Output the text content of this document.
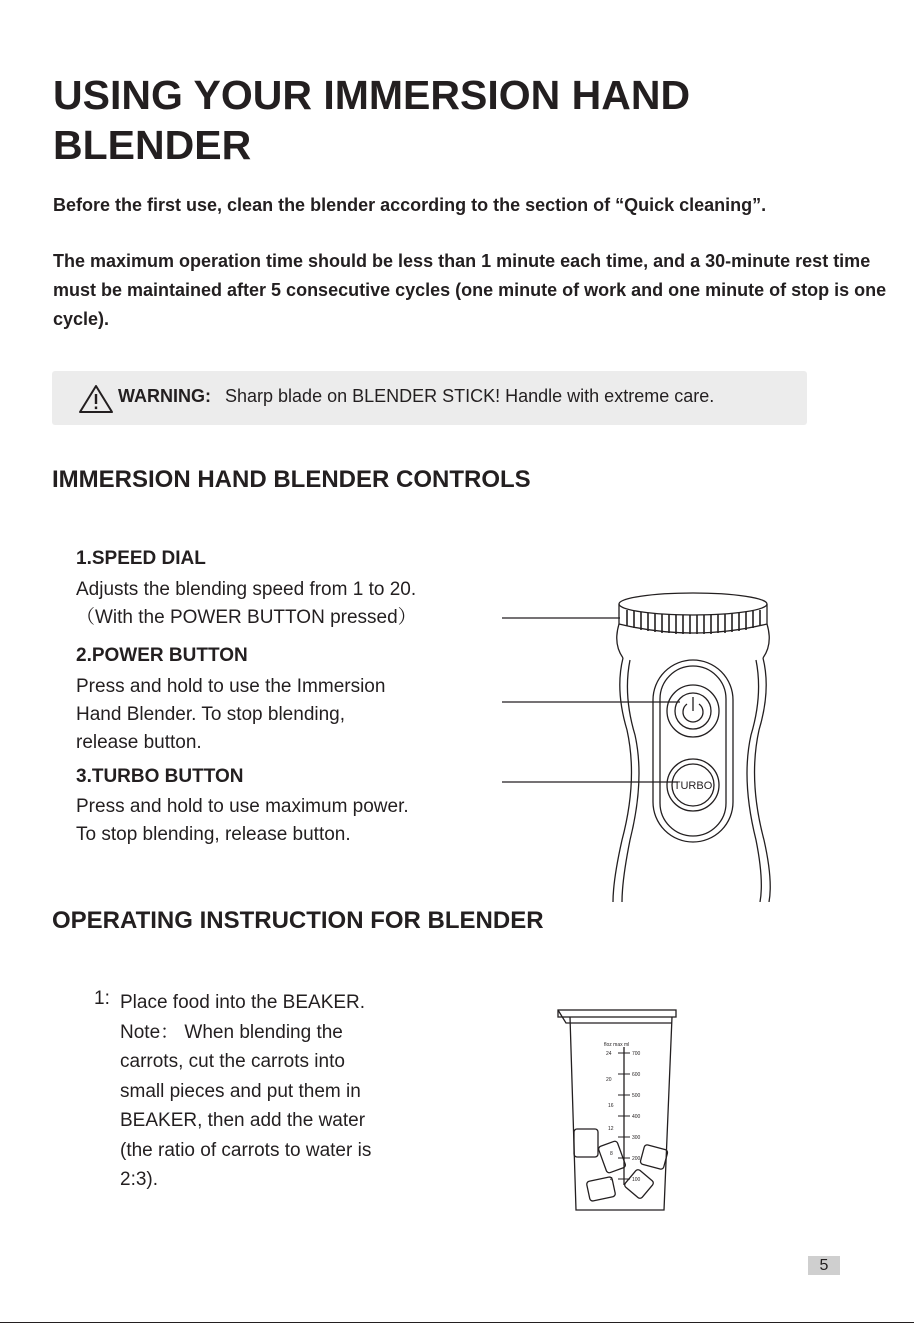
USING YOUR IMMERSION HAND BLENDER

Before the first use, clean the blender according to the section of “Quick cleaning”.

The maximum operation time should be less than 1 minute each time, and a 30-minute rest time must be maintained after 5 consecutive cycles (one minute of work and one minute of stop is one cycle).

WARNING: Sharp blade on BLENDER STICK! Handle with extreme care.
IMMERSION HAND BLENDER CONTROLS
1.SPEED DIAL
Adjusts the blending speed from 1 to 20.
（With the POWER BUTTON pressed）
2.POWER BUTTON
Press and hold to use the Immersion
Hand Blender. To stop blending,
release button.
3.TURBO BUTTON
Press and hold to use maximum power.
To stop blending, release button.
TURBO
OPERATING INSTRUCTION FOR BLENDER
1: Place food into the BEAKER.
Note： When blending the
carrots, cut the carrots into
small pieces and put them in
BEAKER, then add the water
(the ratio of carrots to water is
2:3).
floz max ml
24
20
16
12
8
4
700
600
500
400
300
200
100
5
